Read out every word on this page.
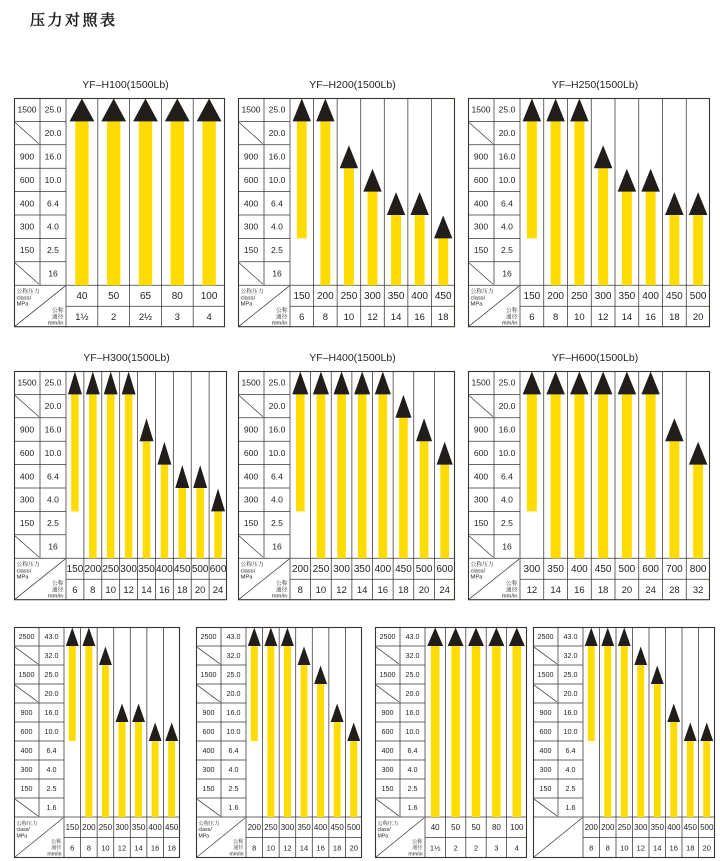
压力对照表
YF–H100(1500Lb)
1500
900
600
400
300
150
25.0
20.0
16.0
10.0
6.4
4.0
2.5
16
公称压力
class/
MPa
公称
通径
mm/in
40
1½
50
2
65
2½
80
3
100
4
YF–H200(1500Lb)
1500
900
600
400
300
150
25.0
20.0
16.0
10.0
6.4
4.0
2.5
16
公称压力
class/
MPa
公称
通径
mm/in
150
6
200
8
250
10
300
12
350
14
400
16
450
18
YF–H250(1500Lb)
1500
900
600
400
300
150
25.0
20.0
16.0
10.0
6.4
4.0
2.5
16
公称压力
class/
MPa
公称
通径
mm/in
150
6
200
8
250
10
300
12
350
14
400
16
450
18
500
20
YF–H300(1500Lb)
1500
900
600
400
300
150
25.0
20.0
16.0
10.0
6.4
4.0
2.5
16
公称压力
class/
MPa
公称
通径
mm/in
150
6
200
8
250
10
300
12
350
14
400
16
450
18
500
20
600
24
YF–H400(1500Lb)
1500
900
600
400
300
150
25.0
20.0
16.0
10.0
6.4
4.0
2.5
16
公称压力
class/
MPa
公称
通径
mm/in
200
8
250
10
300
12
350
14
400
16
450
18
500
20
600
24
YF–H600(1500Lb)
1500
900
600
400
300
150
25.0
20.0
16.0
10.0
6.4
4.0
2.5
16
公称压力
class/
MPa
公称
通径
mm/in
300
12
350
14
400
16
450
18
500
20
600
24
700
28
800
32
2500
1500
900
600
400
300
150
43.0
32.0
25.0
20.0
16.0
10.0
6.4
4.0
2.5
1.6
公称压力
class/
MPa
公称
通径
mm/in
150
6
200
8
250
10
300
12
350
14
400
16
450
18
2500
1500
900
600
400
300
150
43.0
32.0
25.0
20.0
16.0
10.0
6.4
4.0
2.5
1.6
公称压力
class/
MPa
公称
通径
mm/in
200
8
250
10
300
12
350
14
400
16
450
18
500
20
2500
1500
900
600
400
300
150
43.0
32.0
25.0
20.0
16.0
10.0
6.4
4.0
2.5
1.6
公称压力
class/
MPa
公称
通径
mm/in
40
1½
50
2
50
2
80
3
100
4
2500
1500
900
600
400
300
150
43.0
32.0
25.0
20.0
16.0
10.0
6.4
4.0
2.5
1.6
200
8
200
8
250
10
300
12
350
14
400
16
450
18
500
20
